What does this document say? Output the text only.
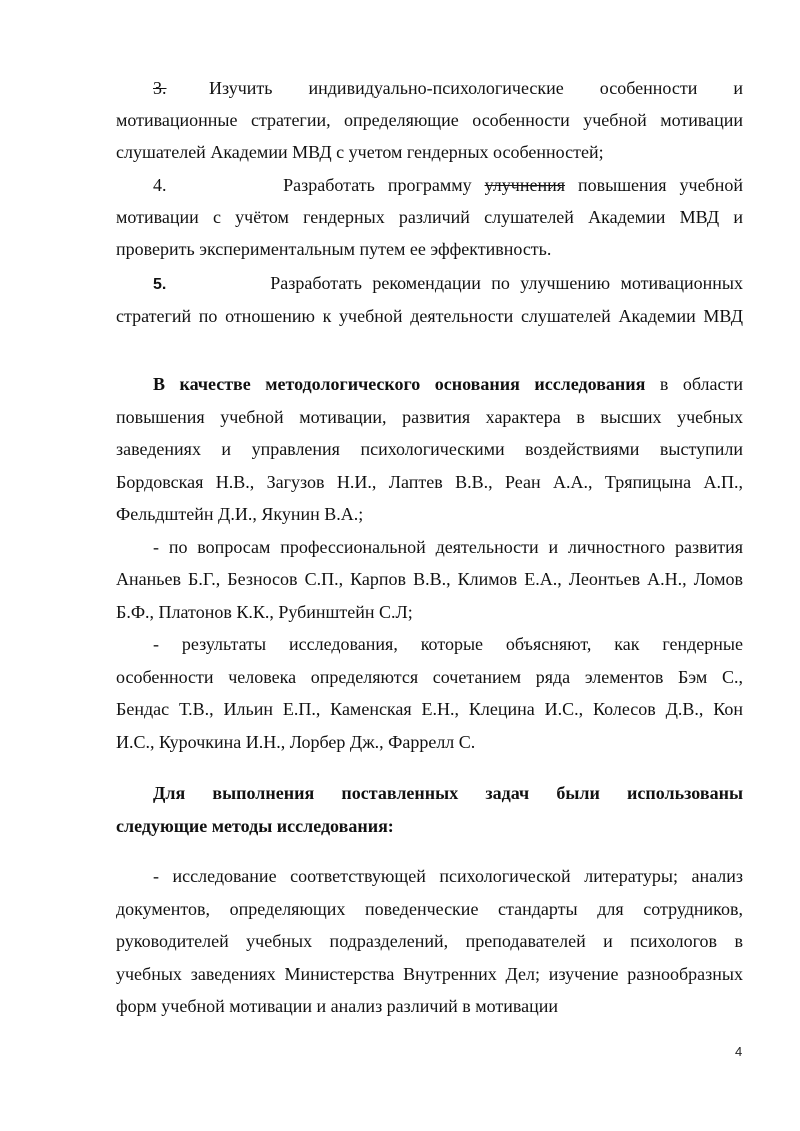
3. Изучить индивидуально-психологические особенности и
мотивационные стратегии, определяющие особенности учебной мотивации
слушателей Академии МВД с учетом гендерных особенностей;
4.	Разработать программу улучнения повышения учебной
мотивации с учётом гендерных различий слушателей Академии МВД и
проверить экспериментальным путем ее эффективность.
5.	Разработать рекомендации по улучшению мотивационных
стратегий по отношению к учебной деятельности слушателей Академии МВД
В качестве методологического основания исследования в области
повышения учебной мотивации, развития характера в высших учебных
заведениях и управления психологическими воздействиями выступили
Бордовская Н.В., Загузов Н.И., Лаптев В.В., Реан А.А., Тряпицына А.П.,
Фельдштейн Д.И., Якунин В.А.;
- по вопросам профессиональной деятельности и личностного развития
Ананьев Б.Г., Безносов С.П., Карпов В.В., Климов Е.А., Леонтьев А.Н., Ломов
Б.Ф., Платонов К.К., Рубинштейн С.Л;
- результаты исследования, которые объясняют, как гендерные
особенности человека определяются сочетанием ряда элементов Бэм С.,
Бендас Т.В., Ильин Е.П., Каменская Е.Н., Клецина И.С., Колесов Д.В., Кон
И.С., Курочкина И.Н., Лорбер Дж., Фаррелл С.
Для выполнения поставленных задач были использованы
следующие методы исследования:
- исследование соответствующей психологической литературы; анализ
документов, определяющих поведенческие стандарты для сотрудников,
руководителей учебных подразделений, преподавателей и психологов в
учебных заведениях Министерства Внутренних Дел; изучение разнообразных
форм учебной мотивации и анализ различий в мотивации
4
